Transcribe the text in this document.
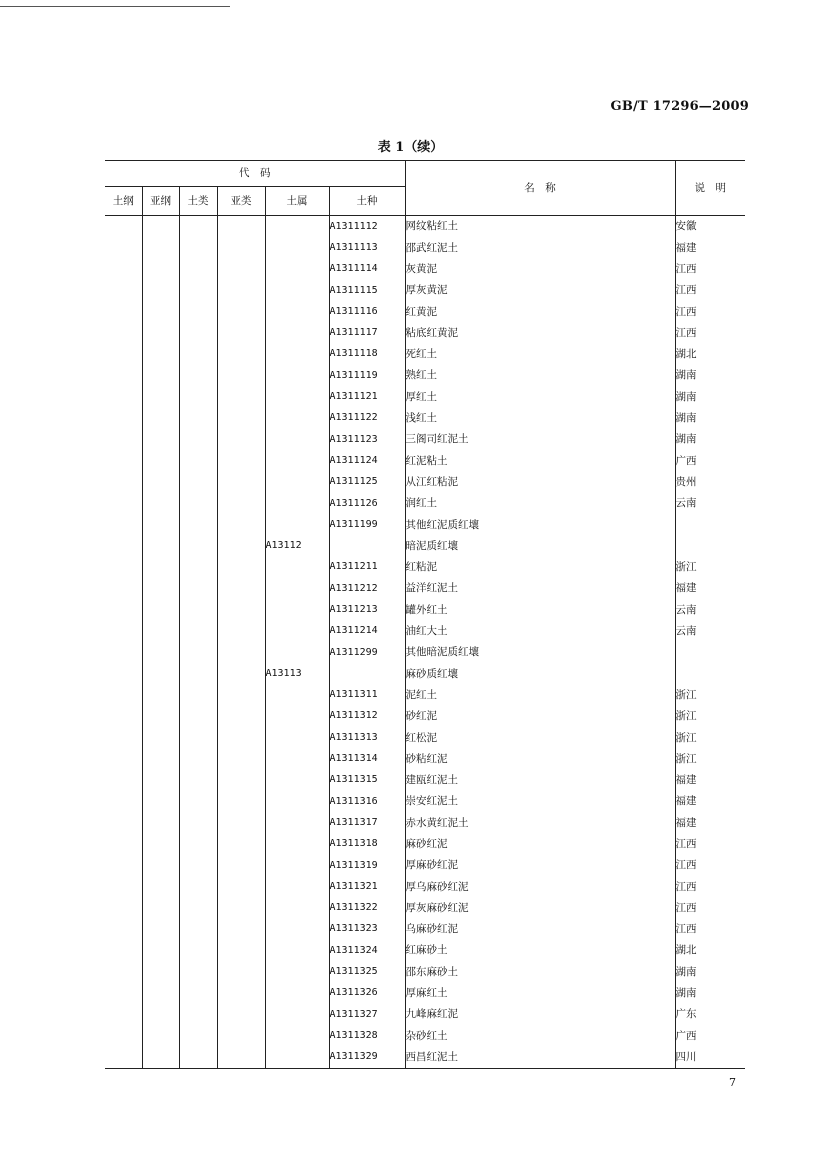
GB/T 17296—2009
表 1（续）
代　码						名　称	说　明
土纲	亚纲	土类	亚类	土属	土种		
					A1311112	网纹粘红土	安徽
					A1311113	邵武红泥土	福建
					A1311114	灰黄泥	江西
					A1311115	厚灰黄泥	江西
					A1311116	红黄泥	江西
					A1311117	粘底红黄泥	江西
					A1311118	死红土	湖北
					A1311119	熟红土	湖南
					A1311121	厚红土	湖南
					A1311122	浅红土	湖南
					A1311123	三阁司红泥土	湖南
					A1311124	红泥粘土	广西
					A1311125	从江红粘泥	贵州
					A1311126	润红土	云南
					A1311199	其他红泥质红壤	
				A13112		暗泥质红壤	
					A1311211	红粘泥	浙江
					A1311212	益洋红泥土	福建
					A1311213	罐外红土	云南
					A1311214	油红大土	云南
					A1311299	其他暗泥质红壤	
				A13113		麻砂质红壤	
					A1311311	泥红土	浙江
					A1311312	砂红泥	浙江
					A1311313	红松泥	浙江
					A1311314	砂粘红泥	浙江
					A1311315	建瓯红泥土	福建
					A1311316	崇安红泥土	福建
					A1311317	赤水黄红泥土	福建
					A1311318	麻砂红泥	江西
					A1311319	厚麻砂红泥	江西
					A1311321	厚乌麻砂红泥	江西
					A1311322	厚灰麻砂红泥	江西
					A1311323	乌麻砂红泥	江西
					A1311324	红麻砂土	湖北
					A1311325	邵东麻砂土	湖南
					A1311326	厚麻红土	湖南
					A1311327	九峰麻红泥	广东
					A1311328	杂砂红土	广西
					A1311329	西昌红泥土	四川
7
